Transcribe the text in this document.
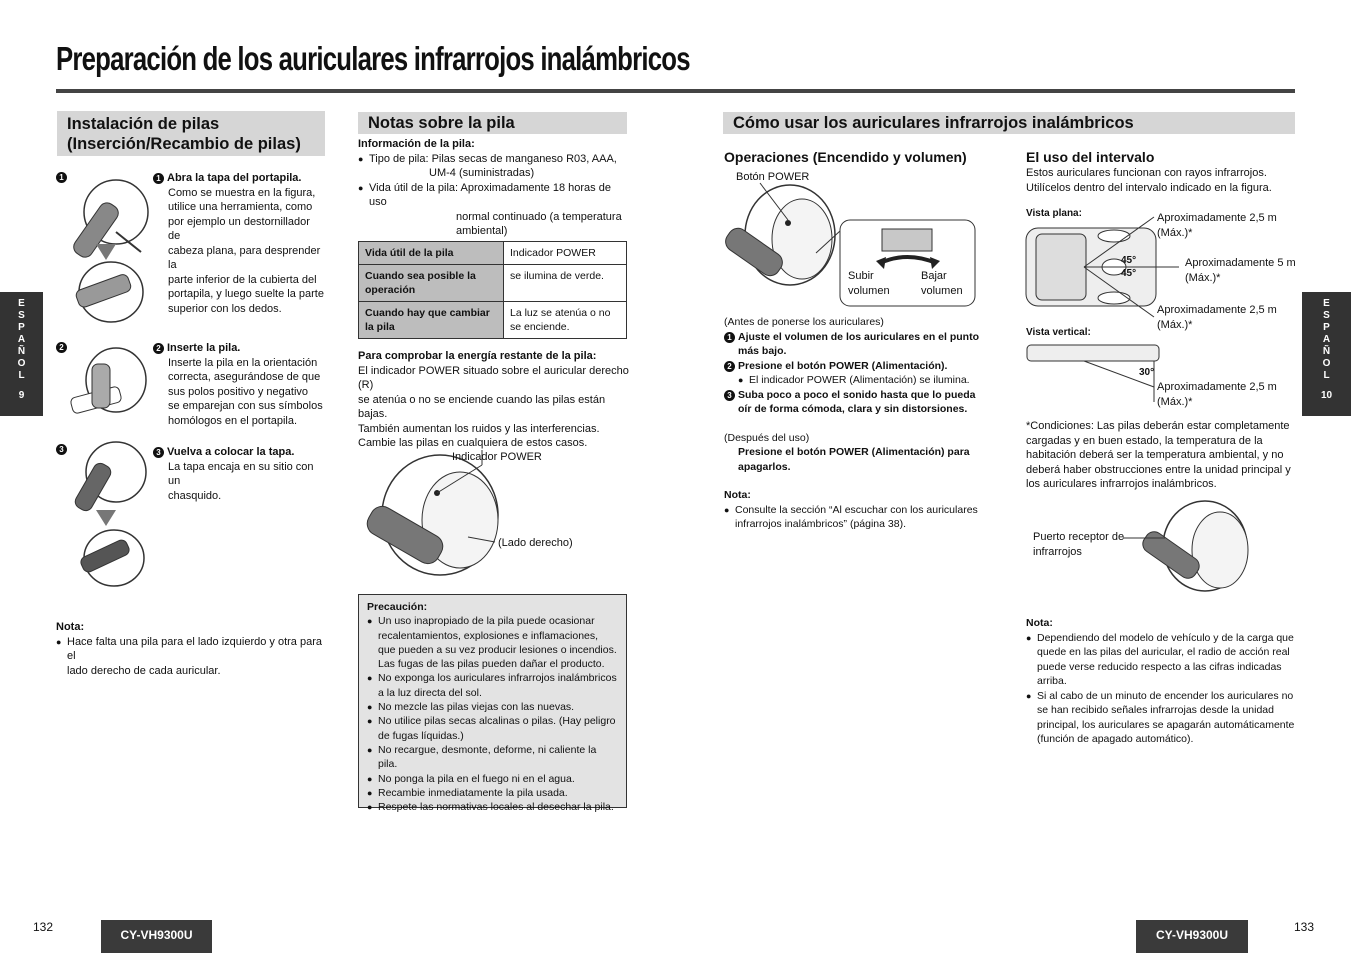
Preparación de los auriculares infrarrojos inalámbricos
E
S
P
A
Ñ
O
L
9
E
S
P
A
Ñ
O
L
10
Instalación de pilas
(Inserción/Recambio de pilas)
1
2
3
1 Abra la tapa del portapila.
Como se muestra en la figura,
utilice una herramienta, como
por ejemplo un destornillador de
cabeza plana, para desprender la
parte inferior de la cubierta del
portapila, y luego suelte la parte
superior con los dedos.
2 Inserte la pila.
Inserte la pila en la orientación
correcta, asegurándose de que
sus polos positivo y negativo
se emparejan con sus símbolos
homólogos en el portapila.
3 Vuelva a colocar la tapa.
La tapa encaja en su sitio con un
chasquido.
Nota:
● Hace falta una pila para el lado izquierdo y otra para el
lado derecho de cada auricular.
Notas sobre la pila
Información de la pila:
● Tipo de pila: Pilas secas de manganeso R03, AAA,
UM-4 (suministradas)
● Vida útil de la pila: Aproximadamente 18 horas de uso
normal continuado (a temperatura
ambiental)
Vida útil de la pila	Indicador POWER
Cuando sea posible la operación	se ilumina de verde.
Cuando hay que cambiar la pila	La luz se atenúa o no se enciende.
Para comprobar la energía restante de la pila:
El indicador POWER situado sobre el auricular derecho (R)
se atenúa o no se enciende cuando las pilas están bajas.
También aumentan los ruidos y las interferencias.
Cambie las pilas en cualquiera de estos casos.
Indicador POWER
(Lado derecho)
Precaución:
● Un uso inapropiado de la pila puede ocasionar recalentamientos, explosiones e inflamaciones, que pueden a su vez producir lesiones o incendios. Las fugas de las pilas pueden dañar el producto.
● No exponga los auriculares infrarrojos inalámbricos a la luz directa del sol.
● No mezcle las pilas viejas con las nuevas.
● No utilice pilas secas alcalinas o pilas. (Hay peligro de fugas líquidas.)
● No recargue, desmonte, deforme, ni caliente la pila.
● No ponga la pila en el fuego ni en el agua.
● Recambie inmediatamente la pila usada.
● Respete las normativas locales al desechar la pila.
Cómo usar los auriculares infrarrojos inalámbricos
Operaciones (Encendido y volumen)
Botón POWER
Subir volumen
Bajar volumen
(Antes de ponerse los auriculares)
1 Ajuste el volumen de los auriculares en el punto más bajo.
2 Presione el botón POWER (Alimentación).
● El indicador POWER (Alimentación) se ilumina.
3 Suba poco a poco el sonido hasta que lo pueda oír de forma cómoda, clara y sin distorsiones.
(Después del uso)
Presione el botón POWER (Alimentación) para apagarlos.
Nota:
● Consulte la sección “Al escuchar con los auriculares infrarrojos inalámbricos” (página 38).
El uso del intervalo
Estos auriculares funcionan con rayos infrarrojos.
Utilícelos dentro del intervalo indicado en la figura.
Vista plana:
45°
45°
Aproximadamente 2,5 m
(Máx.)*
Aproximadamente 5 m
(Máx.)*
Aproximadamente 2,5 m
(Máx.)*
Vista vertical:
30°
Aproximadamente 2,5 m
(Máx.)*
*Condiciones: Las pilas deberán estar completamente cargadas y en buen estado, la temperatura de la habitación deberá ser la temperatura ambiental, y no deberá haber obstrucciones entre la unidad principal y los auriculares infrarrojos inalámbricos.
Puerto receptor de
infrarrojos
Nota:
● Dependiendo del modelo de vehículo y de la carga que quede en las pilas del auricular, el radio de acción real puede verse reducido respecto a las cifras indicadas arriba.
● Si al cabo de un minuto de encender los auriculares no se han recibido señales infrarrojas desde la unidad principal, los auriculares se apagarán automáticamente (función de apagado automático).
132
CY-VH9300U	CY-VH9300U
133
